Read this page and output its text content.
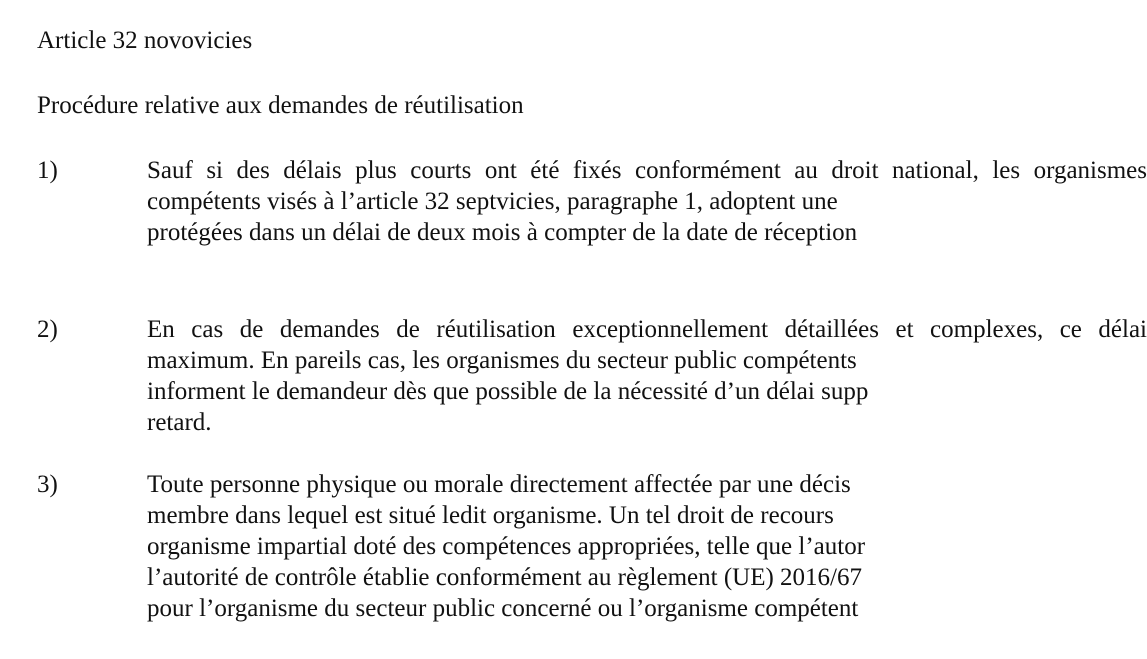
Article 32 novovicies
Procédure relative aux demandes de réutilisation
1)	Sauf si des délais plus courts ont été fixés conformément au droit national, les organismes
compétents visés à l’article 32 septvicies, paragraphe 1, adoptent une
protégées dans un délai de deux mois à compter de la date de réception
2)	En cas de demandes de réutilisation exceptionnellement détaillées et complexes, ce délai
maximum. En pareils cas, les organismes du secteur public compétents
informent le demandeur dès que possible de la nécessité d’un délai supp
retard.
3)	Toute personne physique ou morale directement affectée par une décis
membre dans lequel est situé ledit organisme. Un tel droit de recours
organisme impartial doté des compétences appropriées, telle que l’autor
l’autorité de contrôle établie conformément au règlement (UE) 2016/67
pour l’organisme du secteur public concerné ou l’organisme compétent
